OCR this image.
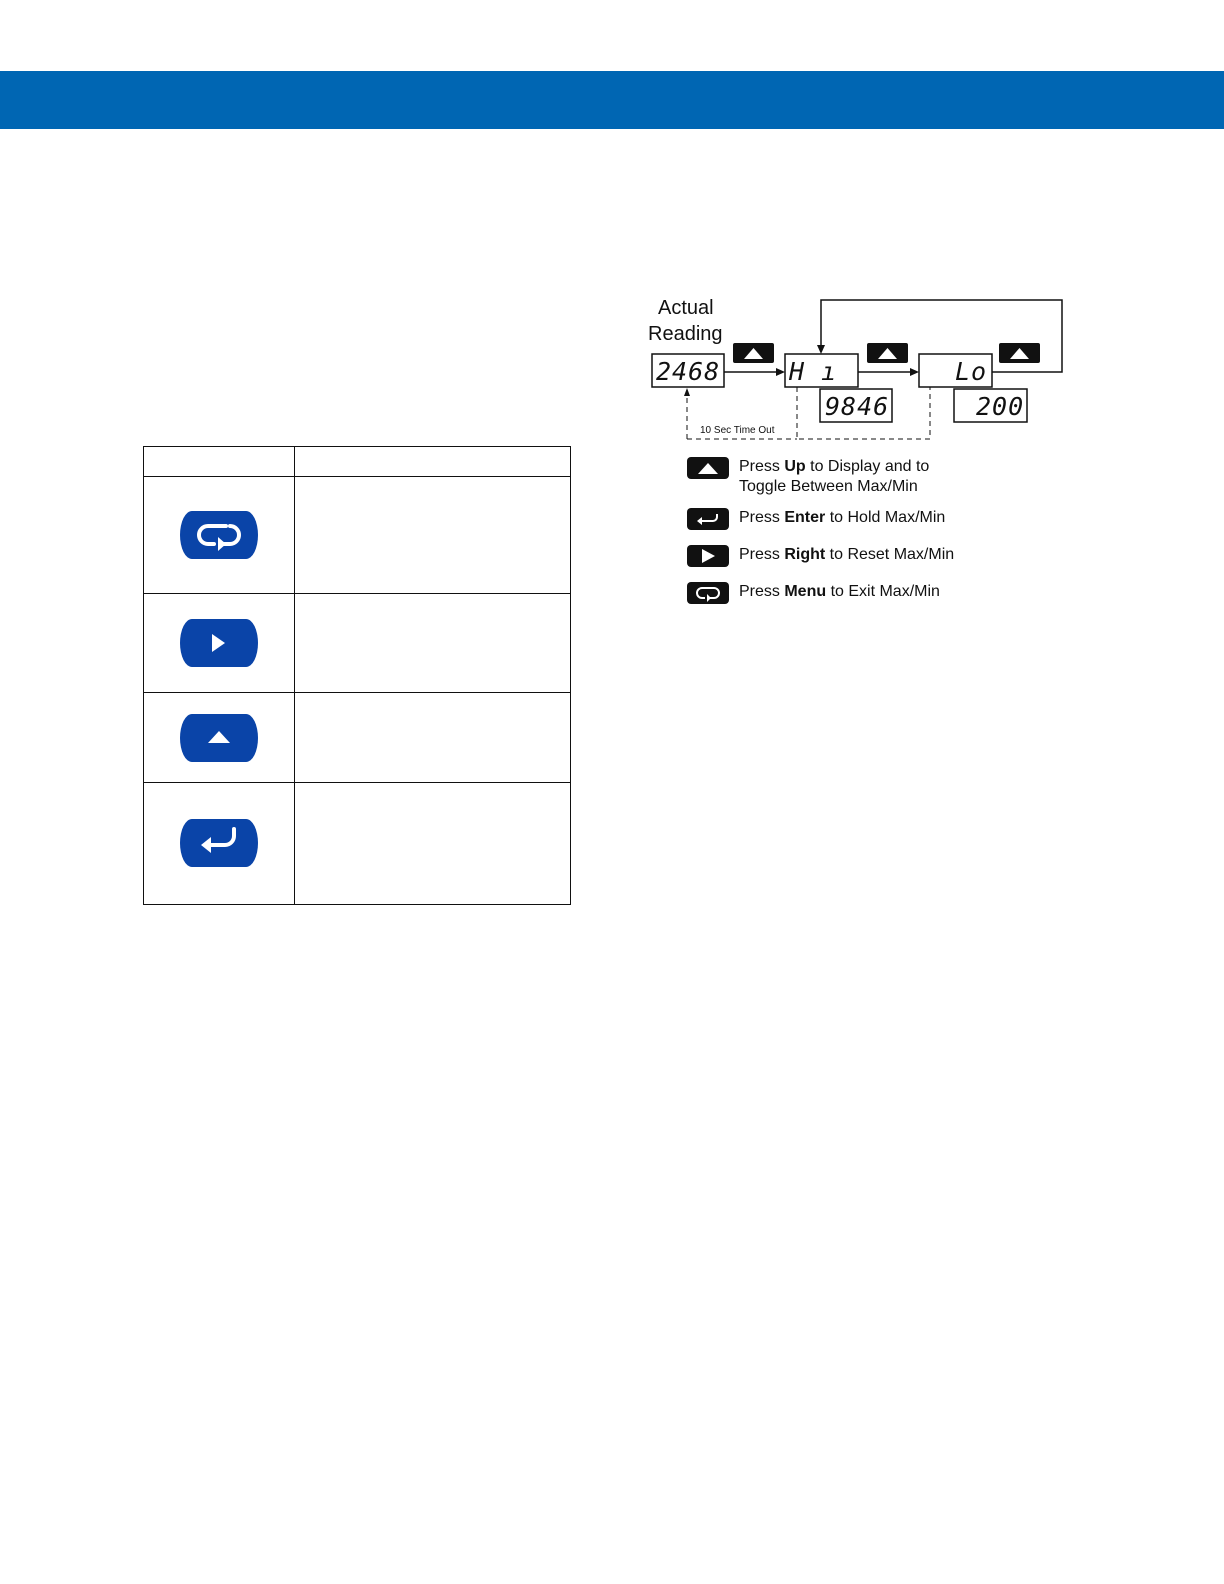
Actual
Reading
2468	H ı
9846
Lo
200
10 Sec Time Out
Press Up to Display and to
Toggle Between Max/Min
Press Enter to Hold Max/Min
Press Right to Reset Max/Min
Press Menu to Exit Max/Min
